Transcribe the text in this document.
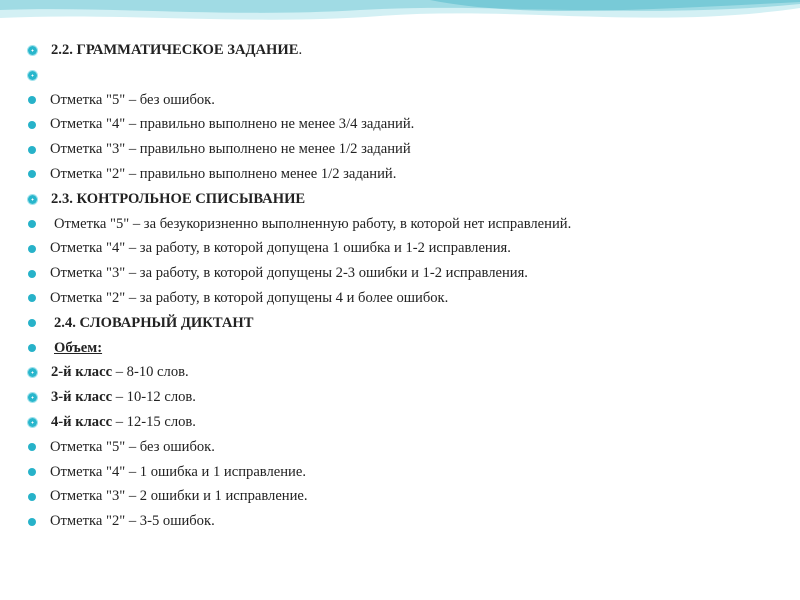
2.2. ГРАММАТИЧЕСКОЕ ЗАДАНИЕ.
Отметка "5" – без ошибок.
Отметка "4" – правильно выполнено не менее 3/4 заданий.
Отметка "3" – правильно выполнено не менее 1/2 заданий
Отметка "2" – правильно выполнено менее 1/2 заданий.
2.3. КОНТРОЛЬНОЕ СПИСЫВАНИЕ
Отметка "5" – за безукоризненно выполненную работу, в которой нет исправлений.
Отметка "4" – за работу, в которой допущена 1 ошибка и 1-2 исправления.
Отметка "3" – за работу, в которой допущены 2-3 ошибки и 1-2 исправления.
Отметка "2" – за работу, в которой допущены 4 и более ошибок.
2.4. СЛОВАРНЫЙ ДИКТАНТ
Объем:
2-й класс – 8-10 слов.
3-й класс – 10-12 слов.
4-й класс – 12-15 слов.
Отметка "5" – без ошибок.
Отметка "4" – 1 ошибка и 1 исправление.
Отметка "3" – 2 ошибки и 1 исправление.
Отметка "2" – 3-5 ошибок.
